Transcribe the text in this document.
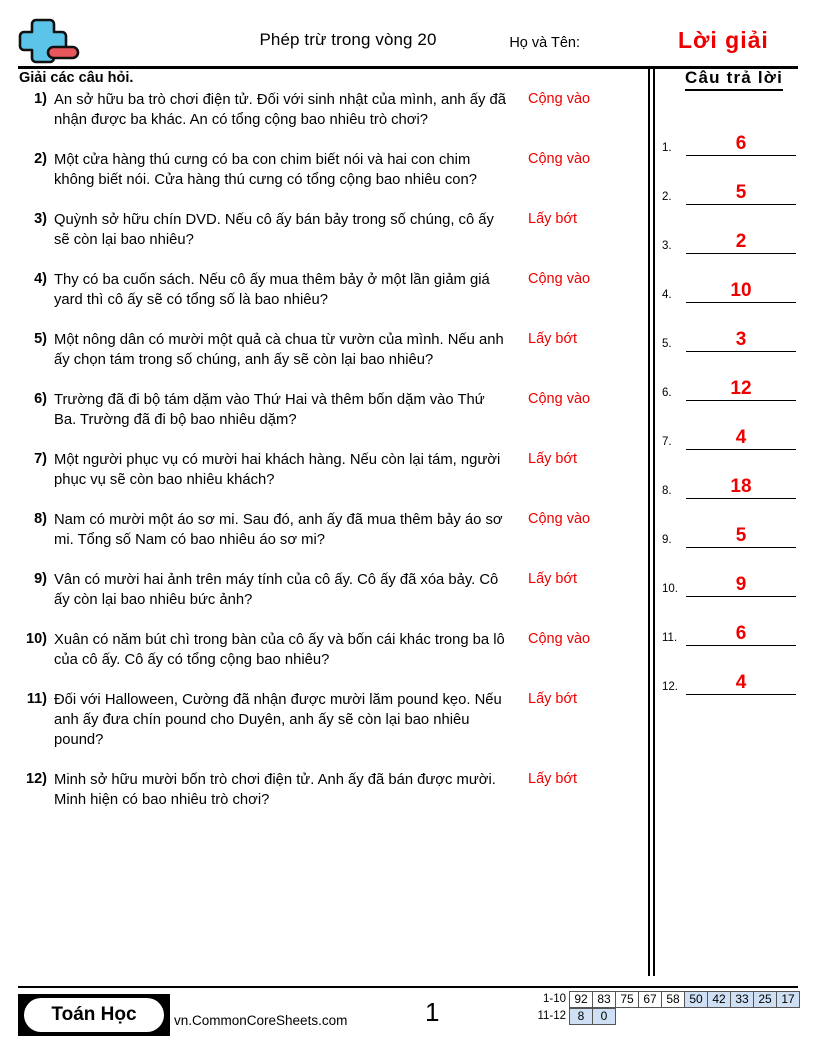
Phép trừ trong vòng 20	Họ và Tên:	Lời giải
Giải các câu hỏi.
1) An sở hữu ba trò chơi điện tử. Đối với sinh nhật của mình, anh ấy đã nhận được ba khác. An có tổng cộng bao nhiêu trò chơi?
Cộng vào
2) Một cửa hàng thú cưng có ba con chim biết nói và hai con chim không biết nói. Cửa hàng thú cưng có tổng cộng bao nhiêu con?
Cộng vào
3) Quỳnh sở hữu chín DVD. Nếu cô ấy bán bảy trong số chúng, cô ấy sẽ còn lại bao nhiêu?
Lấy bớt
4) Thy có ba cuốn sách. Nếu cô ấy mua thêm bảy ở một lần giảm giá yard thì cô ấy sẽ có tổng số là bao nhiêu?
Cộng vào
5) Một nông dân có mười một quả cà chua từ vườn của mình. Nếu anh ấy chọn tám trong số chúng, anh ấy sẽ còn lại bao nhiêu?
Lấy bớt
6) Trường đã đi bộ tám dặm vào Thứ Hai và thêm bốn dặm vào Thứ Ba. Trường đã đi bộ bao nhiêu dặm?
Cộng vào
7) Một người phục vụ có mười hai khách hàng. Nếu còn lại tám, người phục vụ sẽ còn bao nhiêu khách?
Lấy bớt
8) Nam có mười một áo sơ mi. Sau đó, anh ấy đã mua thêm bảy áo sơ mi. Tổng số Nam có bao nhiêu áo sơ mi?
Cộng vào
9) Vân có mười hai ảnh trên máy tính của cô ấy. Cô ấy đã xóa bảy. Cô ấy còn lại bao nhiêu bức ảnh?
Lấy bớt
10) Xuân có năm bút chì trong bàn của cô ấy và bốn cái khác trong ba lô của cô ấy. Cô ấy có tổng cộng bao nhiêu?
Cộng vào
11) Đối với Halloween, Cường đã nhận được mười lăm pound kẹo. Nếu anh ấy đưa chín pound cho Duyên, anh ấy sẽ còn lại bao nhiêu pound?
Lấy bớt
12) Minh sở hữu mười bốn trò chơi điện tử. Anh ấy đã bán được mười. Minh hiện có bao nhiêu trò chơi?
Lấy bớt
Câu trả lời
1.	6
2.	5
3.	2
4.	10
5.	3
6.	12
7.	4
8.	18
9.	5
10.	9
11.	6
12.	4
Toán Học	vn.CommonCoreSheets.com	1	1-10 92 83 75 67 58 50 42 33 25 17
11-12 8	0
